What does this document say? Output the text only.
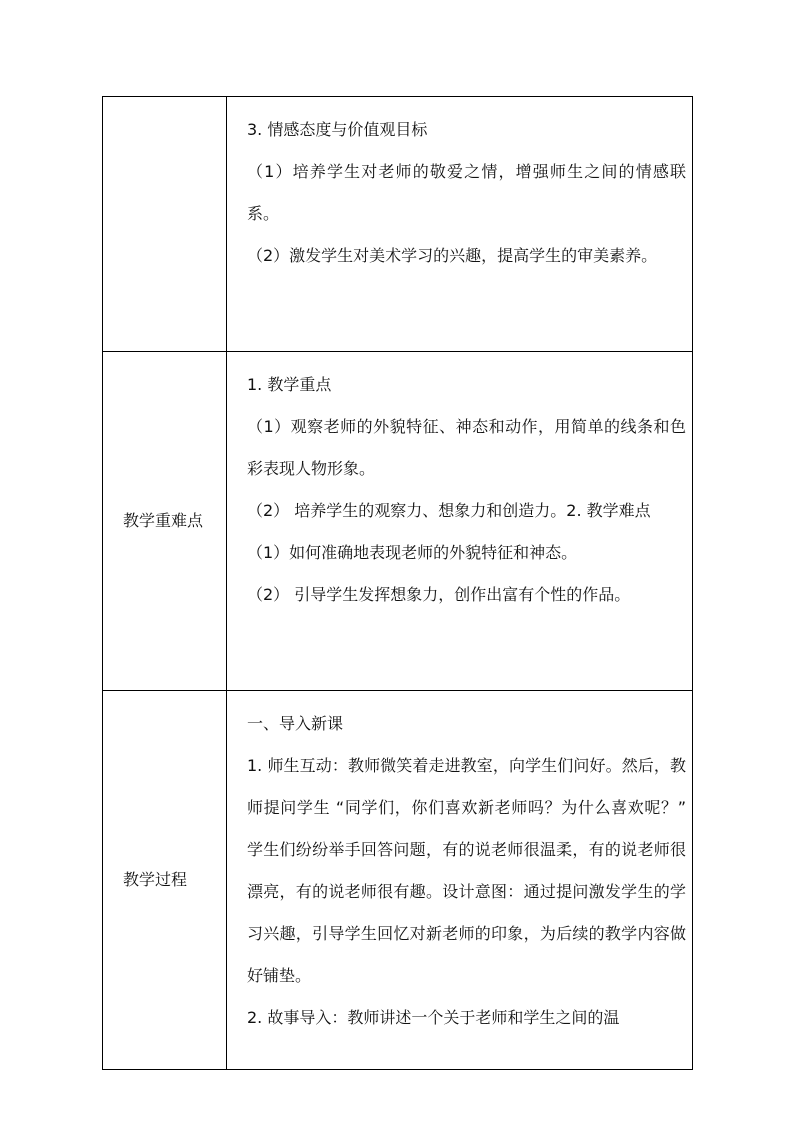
	3. 情感态度与价值观目标

（1）培养学生对老师的敬爱之情，增强师生之间的情感联系。

（2）激发学生对美术学习的兴趣，提高学生的审美素养。

教学重难点	1. 教学重点

（1）观察老师的外貌特征、神态和动作，用简单的线条和色彩表现人物形象。

（2） 培养学生的观察力、想象力和创造力。2. 教学难点

（1）如何准确地表现老师的外貌特征和神态。

（2） 引导学生发挥想象力，创作出富有个性的作品。

教学过程	一、导入新课

1. 师生互动：教师微笑着走进教室，向学生们问好。然后，教师提问学生 “同学们，你们喜欢新老师吗？为什么喜欢呢？” 学生们纷纷举手回答问题，有的说老师很温柔，有的说老师很漂亮，有的说老师很有趣。设计意图：通过提问激发学生的学习兴趣，引导学生回忆对新老师的印象，为后续的教学内容做好铺垫。

2. 故事导入：教师讲述一个关于老师和学生之间的温
